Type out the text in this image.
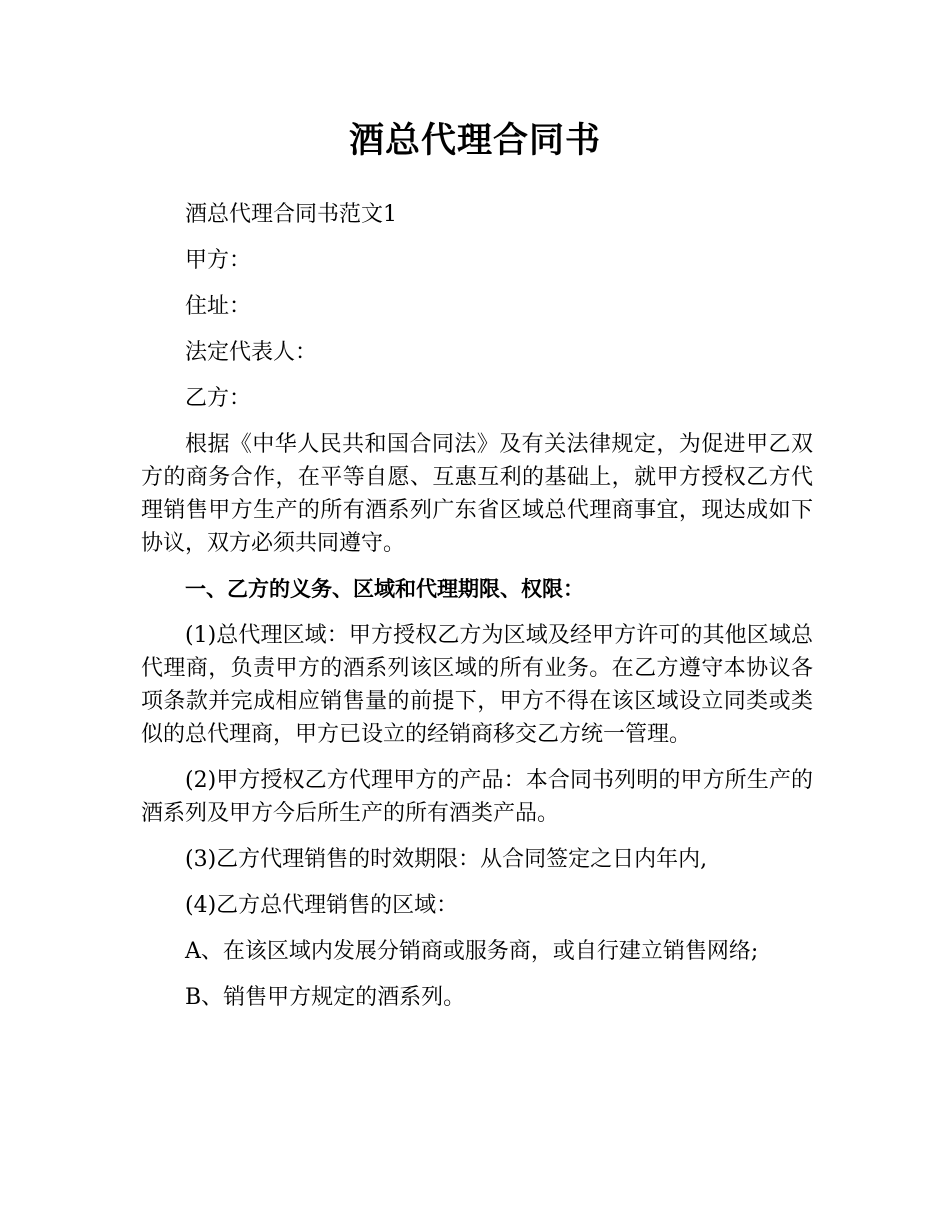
酒总代理合同书

酒总代理合同书范文1

甲方：

住址：

法定代表人：

乙方：

根据《中华人民共和国合同法》及有关法律规定，为促进甲乙双方的商务合作，在平等自愿、互惠互利的基础上，就甲方授权乙方代理销售甲方生产的所有酒系列广东省区域总代理商事宜，现达成如下协议，双方必须共同遵守。

一、乙方的义务、区域和代理期限、权限：

(1)总代理区域：甲方授权乙方为区域及经甲方许可的其他区域总代理商，负责甲方的酒系列该区域的所有业务。在乙方遵守本协议各项条款并完成相应销售量的前提下，甲方不得在该区域设立同类或类似的总代理商，甲方已设立的经销商移交乙方统一管理。

(2)甲方授权乙方代理甲方的产品：本合同书列明的甲方所生产的酒系列及甲方今后所生产的所有酒类产品。

(3)乙方代理销售的时效期限：从合同签定之日内年内,

(4)乙方总代理销售的区域：

A、在该区域内发展分销商或服务商，或自行建立销售网络;

B、销售甲方规定的酒系列。
